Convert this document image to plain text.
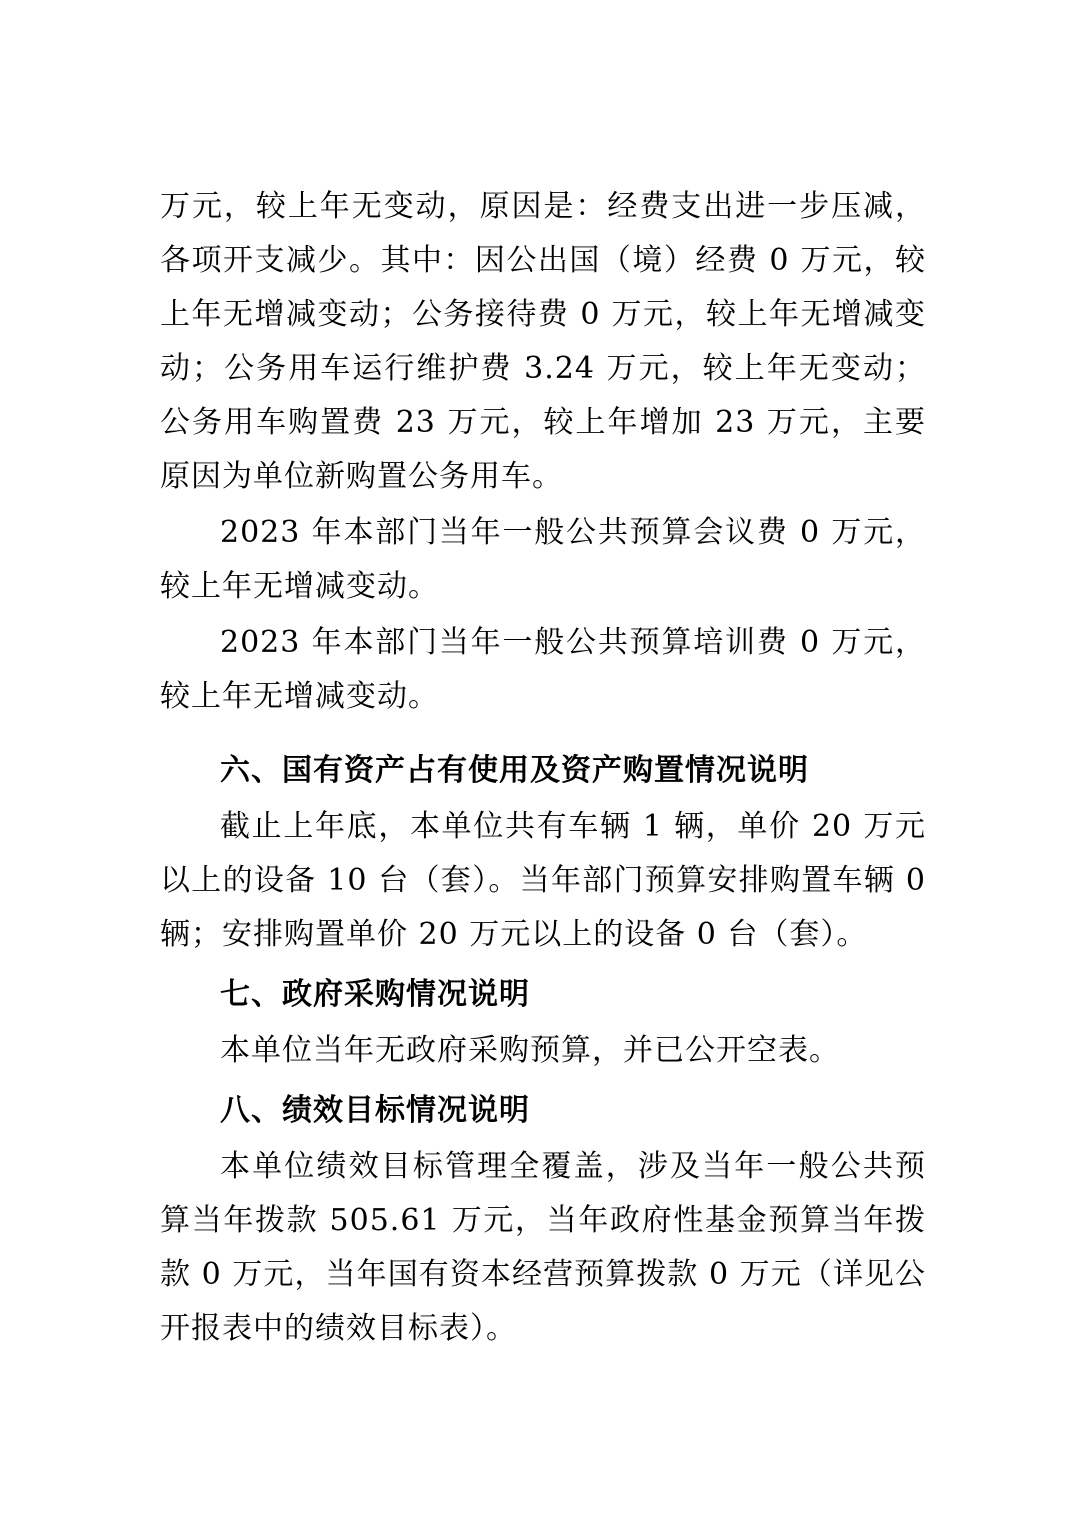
万元，较上年无变动，原因是：经费支出进一步压减，各项开支减少。其中：因公出国（境）经费 0 万元，较上年无增减变动；公务接待费 0 万元，较上年无增减变动；公务用车运行维护费 3.24 万元，较上年无变动；公务用车购置费 23 万元，较上年增加 23 万元，主要原因为单位新购置公务用车。

2023 年本部门当年一般公共预算会议费 0 万元，较上年无增减变动。

2023 年本部门当年一般公共预算培训费 0 万元，较上年无增减变动。

六、国有资产占有使用及资产购置情况说明

截止上年底，本单位共有车辆 1 辆，单价 20 万元以上的设备 10 台（套）。当年部门预算安排购置车辆 0 辆；安排购置单价 20 万元以上的设备 0 台（套）。

七、政府采购情况说明

本单位当年无政府采购预算，并已公开空表。

八、绩效目标情况说明

本单位绩效目标管理全覆盖，涉及当年一般公共预算当年拨款 505.61 万元，当年政府性基金预算当年拨款 0 万元，当年国有资本经营预算拨款 0 万元（详见公开报表中的绩效目标表）。
